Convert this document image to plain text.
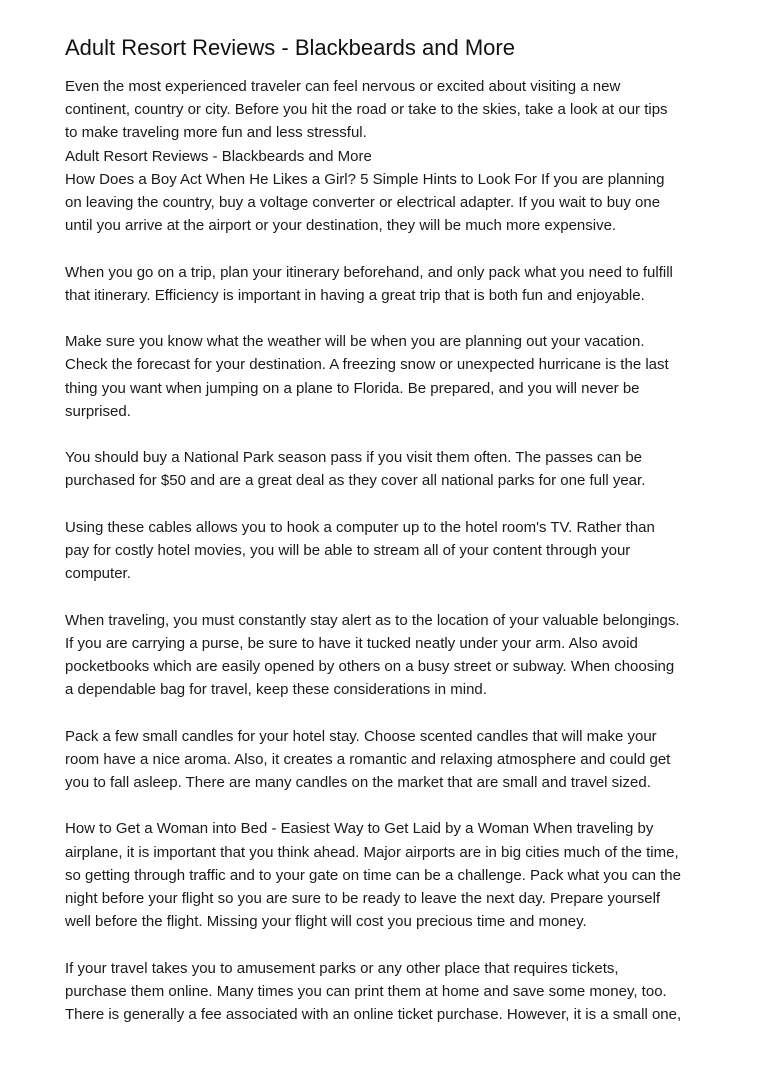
Adult Resort Reviews - Blackbeards and More
Even the most experienced traveler can feel nervous or excited about visiting a new
continent, country or city. Before you hit the road or take to the skies, take a look at our tips
to make traveling more fun and less stressful.
Adult Resort Reviews - Blackbeards and More
How Does a Boy Act When He Likes a Girl? 5 Simple Hints to Look For If you are planning
on leaving the country, buy a voltage converter or electrical adapter. If you wait to buy one
until you arrive at the airport or your destination, they will be much more expensive.
When you go on a trip, plan your itinerary beforehand, and only pack what you need to fulfill
that itinerary. Efficiency is important in having a great trip that is both fun and enjoyable.
Make sure you know what the weather will be when you are planning out your vacation.
Check the forecast for your destination. A freezing snow or unexpected hurricane is the last
thing you want when jumping on a plane to Florida. Be prepared, and you will never be
surprised.
You should buy a National Park season pass if you visit them often. The passes can be
purchased for $50 and are a great deal as they cover all national parks for one full year.
Using these cables allows you to hook a computer up to the hotel room's TV. Rather than
pay for costly hotel movies, you will be able to stream all of your content through your
computer.
When traveling, you must constantly stay alert as to the location of your valuable belongings.
If you are carrying a purse, be sure to have it tucked neatly under your arm. Also avoid
pocketbooks which are easily opened by others on a busy street or subway. When choosing
a dependable bag for travel, keep these considerations in mind.
Pack a few small candles for your hotel stay. Choose scented candles that will make your
room have a nice aroma. Also, it creates a romantic and relaxing atmosphere and could get
you to fall asleep. There are many candles on the market that are small and travel sized.
How to Get a Woman into Bed - Easiest Way to Get Laid by a Woman When traveling by
airplane, it is important that you think ahead. Major airports are in big cities much of the time,
so getting through traffic and to your gate on time can be a challenge. Pack what you can the
night before your flight so you are sure to be ready to leave the next day. Prepare yourself
well before the flight. Missing your flight will cost you precious time and money.
If your travel takes you to amusement parks or any other place that requires tickets,
purchase them online. Many times you can print them at home and save some money, too.
There is generally a fee associated with an online ticket purchase. However, it is a small one,
